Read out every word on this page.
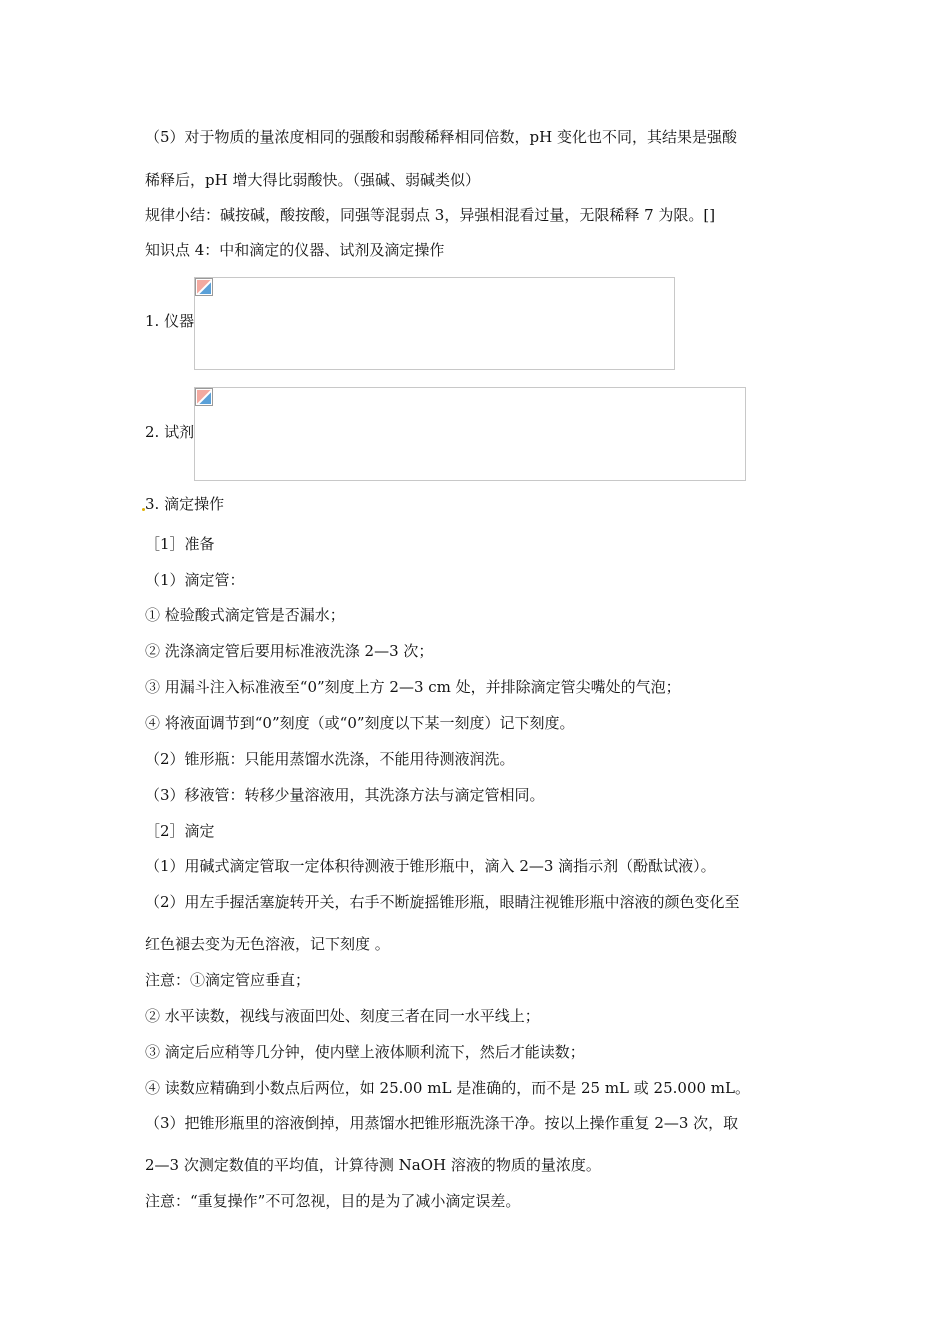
（5）对于物质的量浓度相同的强酸和弱酸稀释相同倍数，pH 变化也不同，其结果是强酸
稀释后，pH 增大得比弱酸快。（强碱、弱碱类似）
规律小结：碱按碱，酸按酸，同强等混弱点 3，异强相混看过量，无限稀释 7 为限。[]
知识点 4：中和滴定的仪器、试剂及滴定操作
1. 仪器
2. 试剂
3. 滴定操作
［1］准备
（1）滴定管：
① 检验酸式滴定管是否漏水；
② 洗涤滴定管后要用标准液洗涤 2—3 次；
③ 用漏斗注入标准液至“0”刻度上方 2—3 cm 处，并排除滴定管尖嘴处的气泡；
④ 将液面调节到“0”刻度（或“0”刻度以下某一刻度）记下刻度。
（2）锥形瓶：只能用蒸馏水洗涤，不能用待测液润洗。
（3）移液管：转移少量溶液用，其洗涤方法与滴定管相同。
［2］滴定
（1）用碱式滴定管取一定体积待测液于锥形瓶中，滴入 2—3 滴指示剂（酚酞试液）。
（2）用左手握活塞旋转开关，右手不断旋摇锥形瓶，眼睛注视锥形瓶中溶液的颜色变化至
红色褪去变为无色溶液，记下刻度 。
注意：①滴定管应垂直；
② 水平读数，视线与液面凹处、刻度三者在同一水平线上；
③ 滴定后应稍等几分钟，使内壁上液体顺利流下，然后才能读数；
④ 读数应精确到小数点后两位，如 25.00 mL 是准确的，而不是 25 mL 或 25.000 mL。
（3）把锥形瓶里的溶液倒掉，用蒸馏水把锥形瓶洗涤干净。按以上操作重复 2—3 次，取
2—3 次测定数值的平均值，计算待测 NaOH 溶液的物质的量浓度。
注意：“重复操作”不可忽视，目的是为了减小滴定误差。
